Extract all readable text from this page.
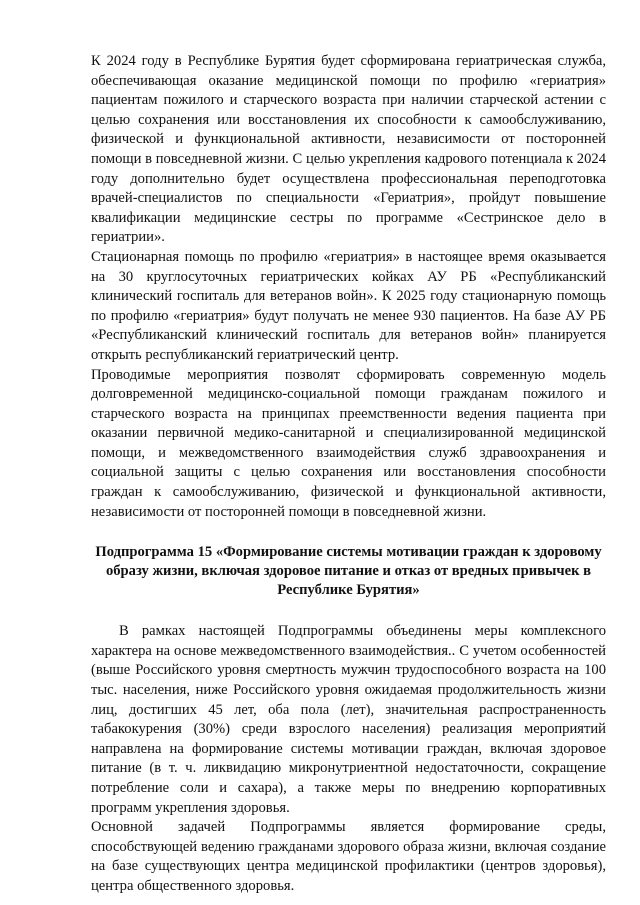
К 2024 году в Республике Бурятия будет сформирована гериатрическая служба, обеспечивающая оказание медицинской помощи по профилю «гериатрия» пациентам пожилого и старческого возраста при наличии старческой астении с целью сохранения или восстановления их способности к самообслуживанию, физической и функциональной активности, независимости от посторонней помощи в повседневной жизни. С целью укрепления кадрового потенциала к 2024 году дополнительно будет осуществлена профессиональная переподготовка врачей-специалистов по специальности «Гериатрия», пройдут повышение квалификации медицинские сестры по программе «Сестринское дело в гериатрии».

Стационарная помощь по профилю «гериатрия» в настоящее время оказывается на 30 круглосуточных гериатрических койках АУ РБ «Республиканский клинический госпиталь для ветеранов войн». К 2025 году стационарную помощь по профилю «гериатрия» будут получать не менее 930 пациентов. На базе АУ РБ «Республиканский клинический госпиталь для ветеранов войн» планируется открыть республиканский гериатрический центр.

Проводимые мероприятия позволят сформировать современную модель долговременной медицинско-социальной помощи гражданам пожилого и старческого возраста на принципах преемственности ведения пациента при оказании первичной медико-санитарной и специализированной медицинской помощи, и межведомственного взаимодействия служб здравоохранения и социальной защиты с целью сохранения или восстановления способности граждан к самообслуживанию, физической и функциональной активности, независимости от посторонней помощи в повседневной жизни.

Подпрограмма 15 «Формирование системы мотивации граждан к здоровому образу жизни, включая здоровое питание и отказ от вредных привычек в Республике Бурятия»

В рамках настоящей Подпрограммы объединены меры комплексного характера на основе межведомственного взаимодействия.. С учетом особенностей (выше Российского уровня смертность мужчин трудоспособного возраста на 100 тыс. населения, ниже Российского уровня ожидаемая продолжительность жизни лиц, достигших 45 лет, оба пола (лет), значительная распространенность табакокурения (30%) среди взрослого населения) реализация мероприятий направлена на формирование системы мотивации граждан, включая здоровое питание (в т. ч. ликвидацию микронутриентной недостаточности, сокращение потребление соли и сахара), а также меры по внедрению корпоративных программ укрепления здоровья.

Основной задачей Подпрограммы является формирование среды, способствующей ведению гражданами здорового образа жизни, включая создание на базе существующих центра медицинской профилактики (центров здоровья), центра общественного здоровья.
